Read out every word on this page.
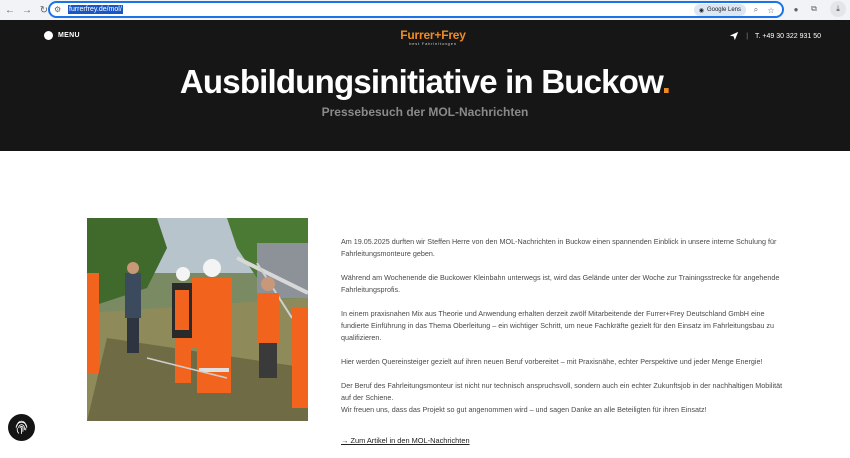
← → ↻ ⚙	furrerfrey.de/mol/	◉ Google Lens	⌕	☆	●	⧉	⤓
MENU	Furrer+Frey
best Fahrleitungen
| T. +49 30 322 931 50
Ausbildungsinitiative in Buckow.
Pressebesuch der MOL-Nachrichten

Am 19.05.2025 durften wir Steffen Herre von den MOL-Nachrichten in Buckow einen spannenden Einblick in unsere interne Schulung für Fahrleitungsmonteure geben.

Während am Wochenende die Buckower Kleinbahn unterwegs ist, wird das Gelände unter der Woche zur Trainingsstrecke für angehende Fahrleitungsprofis.

In einem praxisnahen Mix aus Theorie und Anwendung erhalten derzeit zwölf Mitarbeitende der Furrer+Frey Deutschland GmbH eine fundierte Einführung in das Thema Oberleitung – ein wichtiger Schritt, um neue Fachkräfte gezielt für den Einsatz im Fahrleitungsbau zu qualifizieren.

Hier werden Quereinsteiger gezielt auf ihren neuen Beruf vorbereitet – mit Praxisnähe, echter Perspektive und jeder Menge Energie!

Der Beruf des Fahrleitungsmonteur ist nicht nur technisch anspruchsvoll, sondern auch ein echter Zukunftsjob in der nachhaltigen Mobilität auf der Schiene.

Wir freuen uns, dass das Projekt so gut angenommen wird – und sagen Danke an alle Beteiligten für ihren Einsatz!

→ Zum Artikel in den MOL-Nachrichten
